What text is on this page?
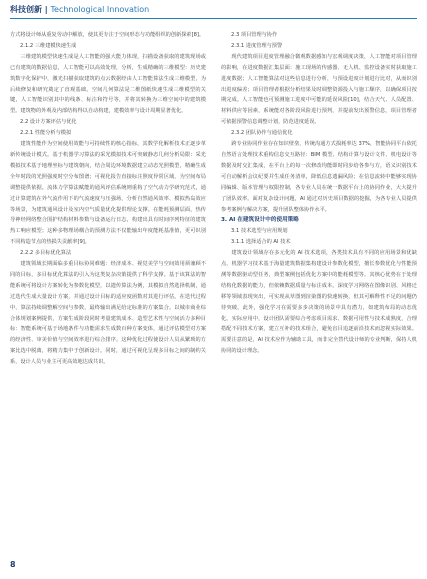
科技创新 | Technological Innovation

方式将设计师从重复劳动中解放，使其更专注于空间形态与功能组织的创新探索[8]。

2.1.2 三维建模快速生成

三维建筑模型快速生成是人工智能的强大能力体现，扫描设备获取的建筑现场或已有建筑的数据信息，人工智能可以高效处理，分析，生成精确的三维模型：历史建筑数字化保护中，激光扫描获取建筑的点云数据经由人工智能算法生成三维模型，为后续修复和研究奠定了直观基础。空间几何算法是二维图纸快速生成三维模型的关键，人工智能识别其中的线条、标注和符号等，并将其转换为三维空间中的建筑模型。建筑物的外观及内部结构得以自动构建，建模效率与设计周期显著优化。

2.2 设计方案评估与优化

2.2.1 性能分析与模拟

建筑性能作为空间使用效能与可持续性的核心指标，其数学化解析技术正逐步革新传统设计模式。基于机器学习算法的采光模拟技术可突破静态几何分析局限：采光模拟技术基于地理坐标与建筑朝向，结合周边环境数据建立动态光照模型，精确生成全年时段的光照强度时空分布图谱；可视化报告直接标注照度异常区域，为空间布局调整提供依据。流体力学算法赋能的通风评估系统则重构了空气动力学研究范式，通过计算建筑在外气流作用下的气流速度与压强场，分析自然通风效率、模拟热岛效应等场景，为建筑通风设计及室内空气质量优化提供理论支撑。在能耗预测层面，热传导神经网络整合围护结构材料参数与设备运行日志，构建出具有时间序列特征的建筑热工响应模型；这种多物理场耦合的预测方法不仅能输出年度能耗基准值，更可识别不同构造节点的热损失贡献率[9]。

2.2.2 多目标优化算法

建筑领域长期面临多重目标协同难题：经济成本、视觉美学与空间效用须兼顾不同的目标，多目标优化算法的引入为这类复杂决策提供了科学支撑。基于该算法的智能系统可将设计方案转化为参数化模型，以遗传算法为例，其模拟自然选择机制，通过迭代生成大量设计方案，并通过设计目标的适应度函数对其进行评估。在迭代过程中，算法持续调整解空间与参数，最终输出满足给定标准的方案集合。以城市商业综合体规划案例提供，方案生成阶段同时考量建筑成本、造型艺术性与空间活力多种目标：智能系统可基于场地条件与功能需求生成数百种方案变体，通过评估模型对方案的经济性、审美价值与空间效率进行综合排序。这种优化过程使设计人员从繁琐的方案比选中脱离，将精力集中于创新设计。同时，通过可视化呈现多目标之间的制约关系，设计人员与业主可更高效地达成共识。

2.3 项目管理与协作

2.3.1 进度管理与预警

现代建筑项目进度管理融合微观数据感知与宏观调度决策，人工智能对项目管理的影响，在进度数据汇集层面：施工现场的传感器、无人机、监控设备实时获取施工进度数据；人工智能算法对这些信息进行分析，与预设进度计划进行比对，从而识别出进度偏差；项目管理者根据分析结果及时调整资源投入与施工顺序，以确保项目按期完成。人工智能也可预测施工进度中可能的延误风险[10]，结合天气、人员配置、材料供应等因素，系统能对各阶段风险进行预判，并提前发出预警信息，项目管理者可依据预警信息调整计划，防范进度延误。

2.3.2 团队协作与通信优化

跨专业协同作业存在知识壁垒，传统沟通方式损耗率达 37%，智能协同平台依托自然语言处理技术重构信息交互路径：BIM 模型、结构计算与设计文件、机电设计等数据及时交汇集成，在平台上的每一次修改均能即时同步给各参与方，语义识别技术可自动解析会议纪要并生成任务清单，降低信息遗漏风险；在信息流转中能够实现协同编辑、版本管理与权限控制，各专业人员在统一数据平台上的协同作业，大大提升了团队效率。面对复杂设计问题，AI 通过对历史项目数据的挖掘，为各专业人员提供参考案例与解决方案，提升团队整体协作水平。

3. AI 在建筑设计中的使用策略

3.1 技术选型与应用规划

3.1.1 选择适合的 AI 技术

建筑设计领域存在多元化的 AI 技术选项，各类技术具有不同的应用场景和优缺点，机器学习技术基于海量建筑数据集构建设计参数化模型，擅长参数优化与性能预测等数据驱动型任务，典型案例包括优化方案中的能耗模型等。其核心优势在于处理结构化数据的能力，但依赖数据质量与标注成本。深度学习网络在图像识别、风格迁移等领域表现突出，可实现从草图到渲染图的快速转换，但其可解释性不足的问题仍待突破。此外，强化学习在需要多步决策的场景中具有潜力，如建筑布局的动态优化。实际应用中，设计团队需要综合考虑项目需求、数据可用性与技术成熟度，合理搭配不同技术方案，建立互补的技术组合，避免盲目追逐前沿技术而忽视实际效果。需要注意的是，AI 技术应作为辅助工具，而非完全替代设计师的专业判断，保持人机协同的设计理念。

8
